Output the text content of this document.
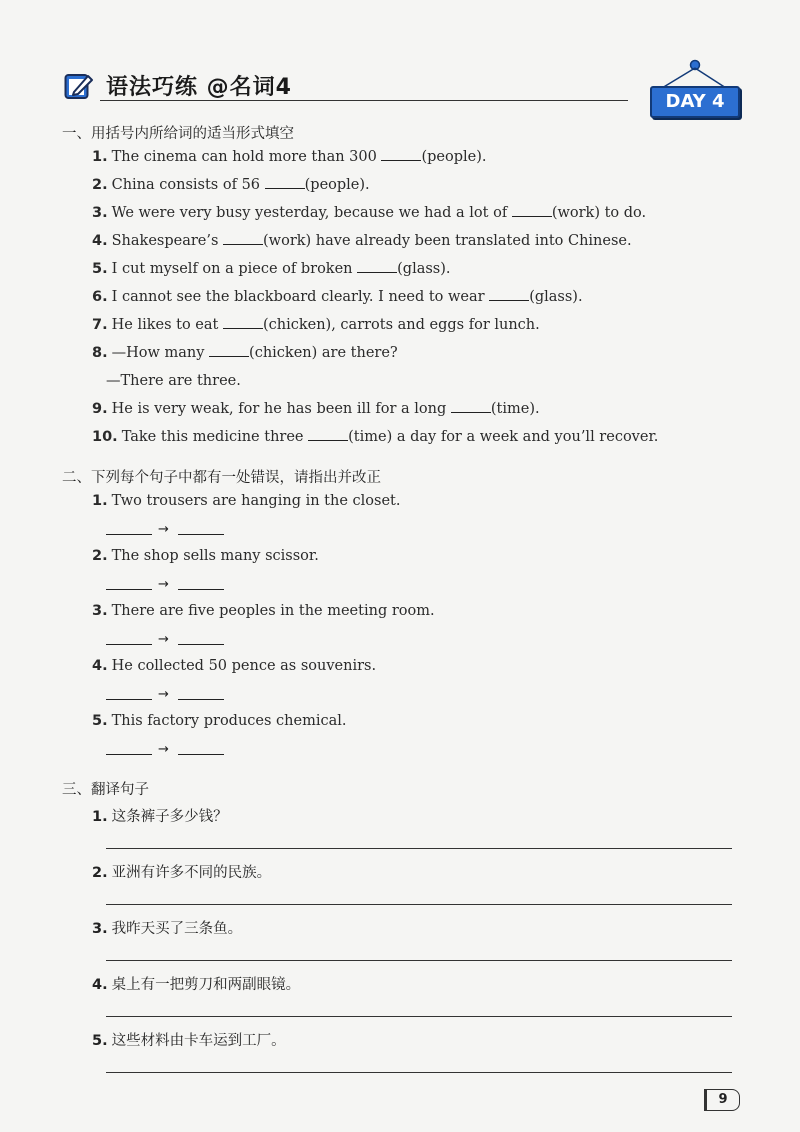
语法巧练 @名词4
DAY 4
一、用括号内所给词的适当形式填空
1. The cinema can hold more than 300	(people).
2. China consists of 56	(people).
3. We were very busy yesterday, because we had a lot of	(work) to do.
4. Shakespeare’s	(work) have already been translated into Chinese.
5. I cut myself on a piece of broken	(glass).
6. I cannot see the blackboard clearly. I need to wear	(glass).
7. He likes to eat	(chicken), carrots and eggs for lunch.
8. —How many	(chicken) are there?
—There are three.
9. He is very weak, for he has been ill for a long	(time).
10. Take this medicine three	(time) a day for a week and you’ll recover.
二、下列每个句子中都有一处错误，请指出并改正
1. Two trousers are hanging in the closet.
→
2. The shop sells many scissor.
→
3. There are five peoples in the meeting room.
→
4. He collected 50 pence as souvenirs.
→
5. This factory produces chemical.
→
三、翻译句子
1. 这条裤子多少钱？
2. 亚洲有许多不同的民族。
3. 我昨天买了三条鱼。
4. 桌上有一把剪刀和两副眼镜。
5. 这些材料由卡车运到工厂。
9
